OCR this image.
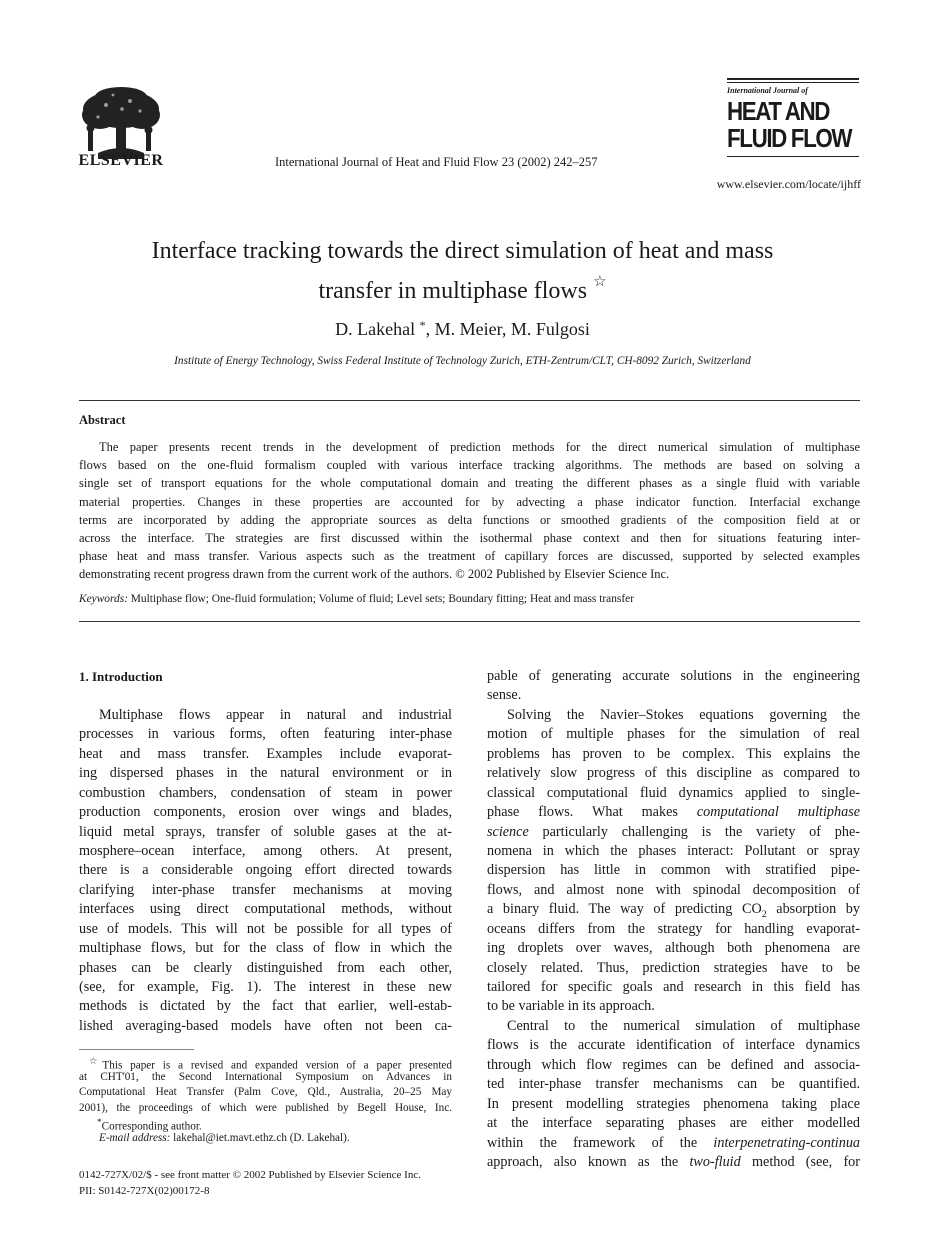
ELSEVIER	International Journal of Heat and Fluid Flow 23 (2002) 242–257
International Journal of
HEAT AND
FLUID FLOW
www.elsevier.com/locate/ijhff
Interface tracking towards the direct simulation of heat and mass
transfer in multiphase flows ☆
D. Lakehal *, M. Meier, M. Fulgosi
Institute of Energy Technology, Swiss Federal Institute of Technology Zurich, ETH-Zentrum/CLT, CH-8092 Zurich, Switzerland
Abstract
The paper presents recent trends in the development of prediction methods for the direct numerical simulation of multiphase
flows based on the one-fluid formalism coupled with various interface tracking algorithms. The methods are based on solving a
single set of transport equations for the whole computational domain and treating the different phases as a single fluid with variable
material properties. Changes in these properties are accounted for by advecting a phase indicator function. Interfacial exchange
terms are incorporated by adding the appropriate sources as delta functions or smoothed gradients of the composition field at or
across the interface. The strategies are first discussed within the isothermal phase context and then for situations featuring inter-
phase heat and mass transfer. Various aspects such as the treatment of capillary forces are discussed, supported by selected examples
demonstrating recent progress drawn from the current work of the authors. © 2002 Published by Elsevier Science Inc.
Keywords: Multiphase flow; One-fluid formulation; Volume of fluid; Level sets; Boundary fitting; Heat and mass transfer
1. Introduction
Multiphase flows appear in natural and industrial
processes in various forms, often featuring inter-phase
heat and mass transfer. Examples include evaporat-
ing dispersed phases in the natural environment or in
combustion chambers, condensation of steam in power
production components, erosion over wings and blades,
liquid metal sprays, transfer of soluble gases at the at-
mosphere–ocean interface, among others. At present,
there is a considerable ongoing effort directed towards
clarifying inter-phase transfer mechanisms at moving
interfaces using direct computational methods, without
use of models. This will not be possible for all types of
multiphase flows, but for the class of flow in which the
phases can be clearly distinguished from each other,
(see, for example, Fig. 1). The interest in these new
methods is dictated by the fact that earlier, well-estab-
lished averaging-based models have often not been ca-
☆This paper is a revised and expanded version of a paper presented
at CHT'01, the Second International Symposium on Advances in
Computational Heat Transfer (Palm Cove, Qld., Australia, 20–25 May
2001), the proceedings of which were published by Begell House, Inc.
*Corresponding author.
E-mail address: lakehal@iet.mavt.ethz.ch (D. Lakehal).
0142-727X/02/$ - see front matter © 2002 Published by Elsevier Science Inc.
PII: S0142-727X(02)00172-8
pable of generating accurate solutions in the engineering
sense.
Solving the Navier–Stokes equations governing the
motion of multiple phases for the simulation of real
problems has proven to be complex. This explains the
relatively slow progress of this discipline as compared to
classical computational fluid dynamics applied to single-
phase flows. What makes computational multiphase
science particularly challenging is the variety of phe-
nomena in which the phases interact: Pollutant or spray
dispersion has little in common with stratified pipe-
flows, and almost none with spinodal decomposition of
a binary fluid. The way of predicting $CO_2$ absorption by
oceans differs from the strategy for handling evaporat-
ing droplets over waves, although both phenomena are
closely related. Thus, prediction strategies have to be
tailored for specific goals and research in this field has
to be variable in its approach.
Central to the numerical simulation of multiphase
flows is the accurate identification of interface dynamics
through which flow regimes can be defined and associa-
ted inter-phase transfer mechanisms can be quantified.
In present modelling strategies phenomena taking place
at the interface separating phases are either modelled
within the framework of the interpenetrating-continua
approach, also known as the two-fluid method (see, for
